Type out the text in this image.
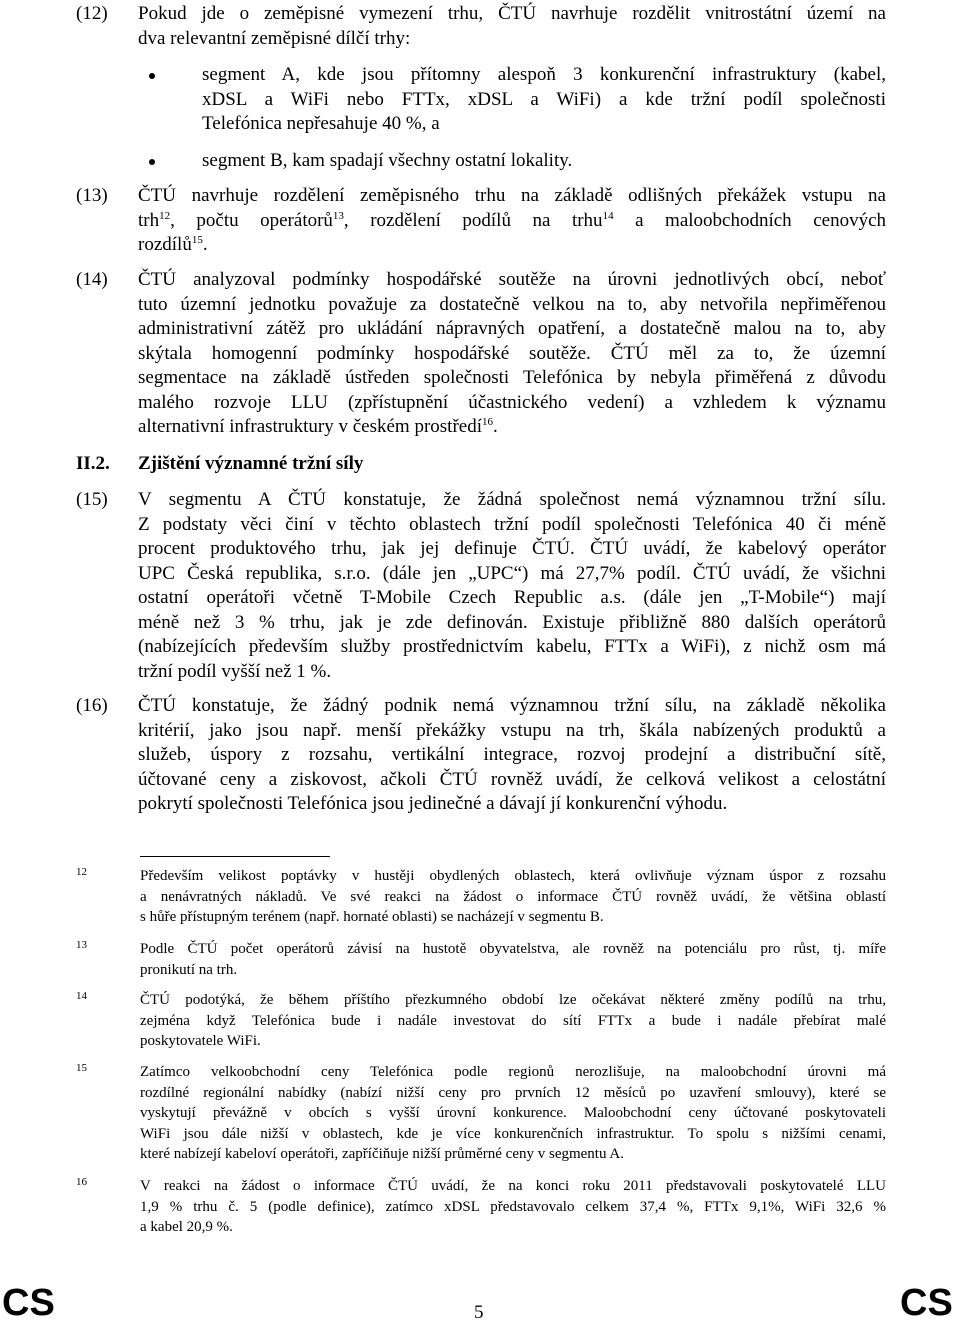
(12) Pokud jde o zeměpisné vymezení trhu, ČTÚ navrhuje rozdělit vnitrostátní území na
dva relevantní zeměpisné dílčí trhy:
segment A, kde jsou přítomny alespoň 3 konkurenční infrastruktury (kabel,
xDSL a WiFi nebo FTTx, xDSL a WiFi) a kde tržní podíl společnosti
Telefónica nepřesahuje 40 %, a
segment B, kam spadají všechny ostatní lokality.
(13) ČTÚ navrhuje rozdělení zeměpisného trhu na základě odlišných překážek vstupu na
trh$^{12}$, počtu operátorů$^{13}$, rozdělení podílů na trhu$^{14}$ a maloobchodních cenových
rozdílů$^{15}$.
(14) ČTÚ analyzoval podmínky hospodářské soutěže na úrovni jednotlivých obcí, neboť
tuto územní jednotku považuje za dostatečně velkou na to, aby netvořila nepřiměřenou
administrativní zátěž pro ukládání nápravných opatření, a dostatečně malou na to, aby
skýtala homogenní podmínky hospodářské soutěže. ČTÚ měl za to, že územní
segmentace na základě ústředen společnosti Telefónica by nebyla přiměřená z důvodu
malého rozvoje LLU (zpřístupnění účastnického vedení) a vzhledem k významu
alternativní infrastruktury v českém prostředí$^{16}$.
II.2. Zjištění významné tržní síly
(15) V segmentu A ČTÚ konstatuje, že žádná společnost nemá významnou tržní sílu.
Z podstaty věci činí v těchto oblastech tržní podíl společnosti Telefónica 40 či méně
procent produktového trhu, jak jej definuje ČTÚ. ČTÚ uvádí, že kabelový operátor
UPC Česká republika, s.r.o. (dále jen „UPC“) má 27,7% podíl. ČTÚ uvádí, že všichni
ostatní operátoři včetně T-Mobile Czech Republic a.s. (dále jen „T-Mobile“) mají
méně než 3 % trhu, jak je zde definován. Existuje přibližně 880 dalších operátorů
(nabízejících především služby prostřednictvím kabelu, FTTx a WiFi), z nichž osm má
tržní podíl vyšší než 1 %.
(16) ČTÚ konstatuje, že žádný podnik nemá významnou tržní sílu, na základě několika
kritérií, jako jsou např. menší překážky vstupu na trh, škála nabízených produktů a
služeb, úspory z rozsahu, vertikální integrace, rozvoj prodejní a distribuční sítě,
účtované ceny a ziskovost, ačkoli ČTÚ rovněž uvádí, že celková velikost a celostátní
pokrytí společnosti Telefónica jsou jedinečné a dávají jí konkurenční výhodu.
12	Především velikost poptávky v hustěji obydlených oblastech, která ovlivňuje význam úspor z rozsahu
a nenávratných nákladů. Ve své reakci na žádost o informace ČTÚ rovněž uvádí, že většina oblastí
s hůře přístupným terénem (např. hornaté oblasti) se nacházejí v segmentu B.
13	Podle ČTÚ počet operátorů závisí na hustotě obyvatelstva, ale rovněž na potenciálu pro růst, tj. míře
pronikutí na trh.
14	ČTÚ podotýká, že během příštího přezkumného období lze očekávat některé změny podílů na trhu,
zejména když Telefónica bude i nadále investovat do sítí FTTx a bude i nadále přebírat malé
poskytovatele WiFi.
15	Zatímco velkoobchodní ceny Telefónica podle regionů nerozlišuje, na maloobchodní úrovni má
rozdílné regionální nabídky (nabízí nižší ceny pro prvních 12 měsíců po uzavření smlouvy), které se
vyskytují převážně v obcích s vyšší úrovní konkurence. Maloobchodní ceny účtované poskytovateli
WiFi jsou dále nižší v oblastech, kde je více konkurenčních infrastruktur. To spolu s nižšími cenami,
které nabízejí kabeloví operátoři, zapříčiňuje nižší průměrné ceny v segmentu A.
16	V reakci na žádost o informace ČTÚ uvádí, že na konci roku 2011 představovali poskytovatelé LLU
1,9 % trhu č. 5 (podle definice), zatímco xDSL představovalo celkem 37,4 %, FTTx 9,1%, WiFi 32,6 %
a kabel 20,9 %.
CS	5	CS
